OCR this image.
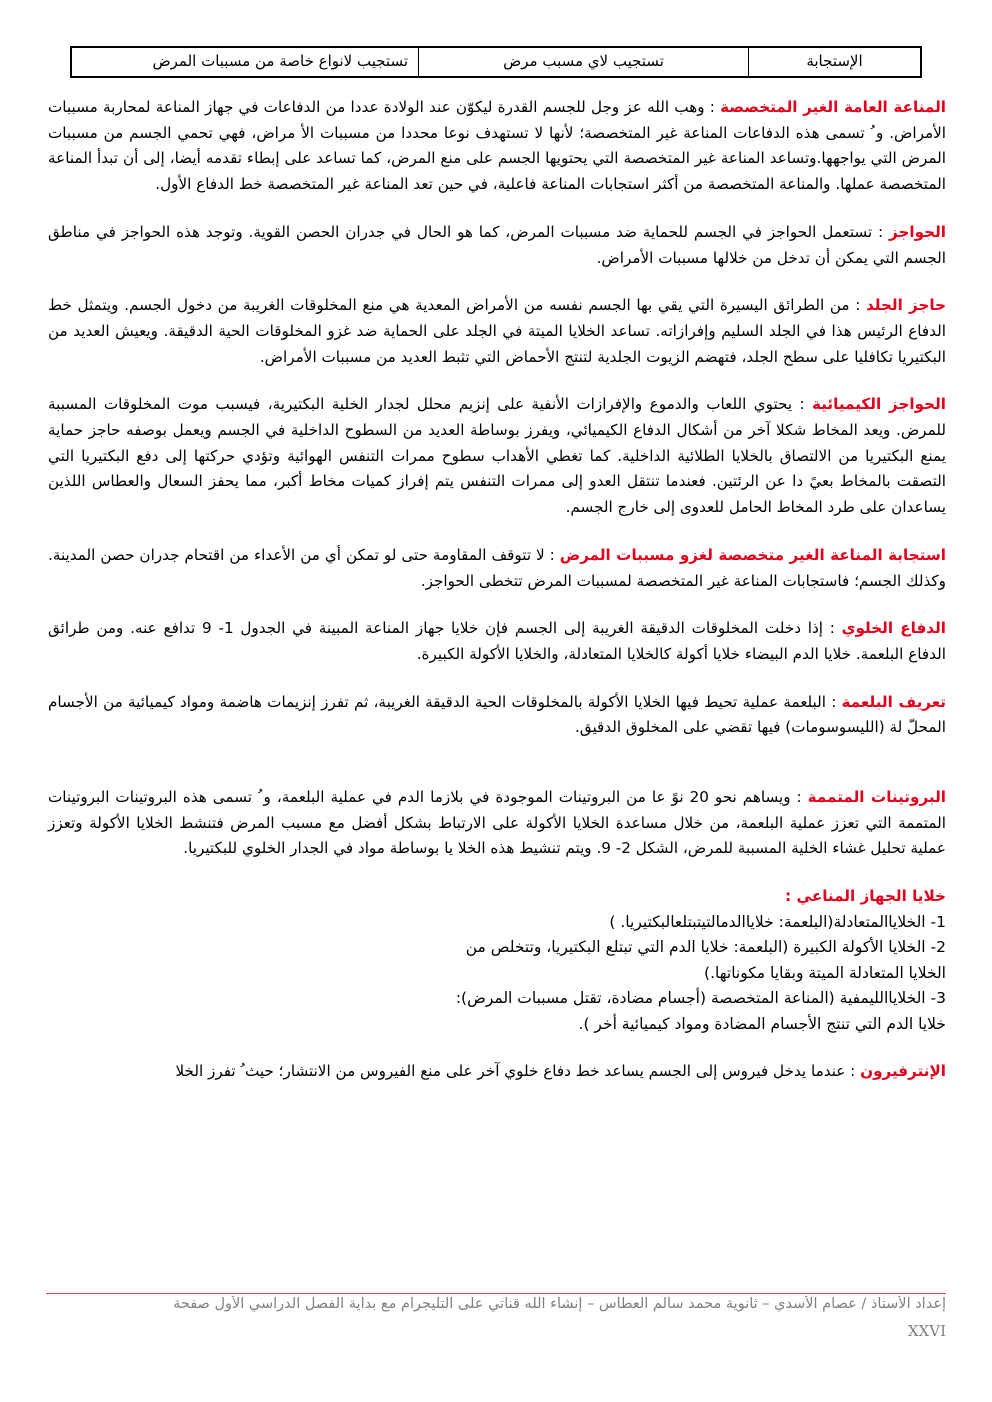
الإستجابة
تستجيب لاي مسبب مرض
تستجيب لانواع خاصة من مسببات المرض

المناعة العامة الغير المتخصصة : وهب الله عز وجل للجسم القدرة ليكوّن عند الولادة عددا من الدفاعات في جهاز المناعة لمحاربة مسببات الأمراض. و ُ تسمى هذه الدفاعات المناعة غير المتخصصة؛ لأنها لا تستهدف نوعا محددا من مسببات الأ مراض، فهي تحمي الجسم من مسببات المرض التي يواجهها.وتساعد المناعة غير المتخصصة التي يحتويها الجسم على منع المرض، كما تساعد على إبطاء تقدمه أيضا، إلى أن تبدأ المناعة المتخصصة عملها. والمناعة المتخصصة من أكثر استجابات المناعة فاعلية، في حين تعد المناعة غير المتخصصة خط الدفاع الأول.

الحواجز : تستعمل الحواجز في الجسم للحماية ضد مسببات المرض، كما هو الحال في جدران الحصن القوية. وتوجد هذه الحواجز في مناطق الجسم التي يمكن أن تدخل من خلالها مسببات الأمراض.

حاجز الجلد : من الطرائق اليسيرة التي يقي بها الجسم نفسه من الأمراض المعدية هي منع المخلوقات الغريبة من دخول الجسم. ويتمثل خط الدفاع الرئيس هذا في الجلد السليم وإفرازاته. تساعد الخلايا الميتة في الجلد على الحماية ضد غزو المخلوقات الحية الدقيقة. ويعيش العديد من البكتيريا تكافليا على سطح الجلد، فتهضم الزيوت الجلدية لتنتج الأحماض التي تثبط العديد من مسببات الأمراض.

الحواجز الكيميائية : يحتوي اللعاب والدموع والإفرازات الأنفية على إنزيم محلل لجدار الخلية البكتيرية، فيسبب موت المخلوقات المسببة للمرض. ويعد المخاط شكلا آخر من أشكال الدفاع الكيميائي، ويفرز بوساطة العديد من السطوح الداخلية في الجسم ويعمل بوصفه حاجز حماية يمنع البكتيريا من الالتصاق بالخلايا الطلائية الداخلية. كما تغطي الأهداب سطوح ممرات التنفس الهوائية وتؤدي حركتها إلى دفع البكتيريا التي التصقت بالمخاط بعيً دا عن الرئتين. فعندما تنتقل العدو إلى ممرات التنفس يتم إفراز كميات مخاط أكبر، مما يحفز السعال والعطاس اللذين يساعدان على طرد المخاط الحامل للعدوى إلى خارج الجسم.

استجابة المناعة الغير متخصصة لغزو مسببات المرض : لا تتوقف المقاومة حتى لو تمكن أي من الأعداء من اقتحام جدران حصن المدينة. وكذلك الجسم؛ فاستجابات المناعة غير المتخصصة لمسببات المرض تتخطى الحواجز.

الدفاع الخلوي : إذا دخلت المخلوقات الدقيقة الغريبة إلى الجسم فإن خلايا جهاز المناعة المبينة في الجدول 1- 9 تدافع عنه. ومن طرائق الدفاع البلعمة. خلايا الدم البيضاء خلايا أكولة كالخلايا المتعادلة، والخلايا الأكولة الكبيرة.

تعريف البلعمة : البلعمة عملية تحيط فيها الخلايا الأكولة بالمخلوقات الحية الدقيقة الغريبة، ثم تفرز إنزيمات هاضمة ومواد كيميائية من الأجسام المحلّ لة (الليسوسومات) فيها تقضي على المخلوق الدقيق.

البروتينات المتممة : ويساهم نحو 20 نوً عا من البروتينات الموجودة في بلازما الدم في عملية البلعمة، و ُ تسمى هذه البروتينات البروتينات المتممة التي تعزز عملية البلعمة، من خلال مساعدة الخلايا الأكولة على الارتباط بشكل أفضل مع مسبب المرض فتنشط الخلايا الأكولة وتعزز عملية تحليل غشاء الخلية المسببة للمرض، الشكل 2- 9. ويتم تنشيط هذه الخلا يا بوساطة مواد في الجدار الخلوي للبكتيريا.

خلايا الجهاز المناعي :

1- الخلاياالمتعادلة(البلعمة: خلاياالدمالتيتبتلعالبكتيريا. )

2- الخلايا الأكولة الكبيرة (البلعمة: خلايا الدم التي تبتلع البكتيريا، وتتخلص من

الخلايا المتعادلة الميتة وبقايا مكوناتها.)

3- الخلاياالليمفية (المناعة المتخصصة (أجسام مضادة، تقتل مسببات المرض):

خلايا الدم التي تنتج الأجسام المضادة ومواد كيميائية أخر ).

الإنترفيرون : عندما يدخل فيروس إلى الجسم يساعد خط دفاع خلوي آخر على منع الفيروس من الانتشار؛ حيث ُ تفرز الخلا

إعداد الأستاذ / عصام الأسدي – ثانوية محمد سالم العطاس – إنشاء الله قناتي على التليجرام مع بداية الفصل الدراسي الأول صفحة
XXVI
